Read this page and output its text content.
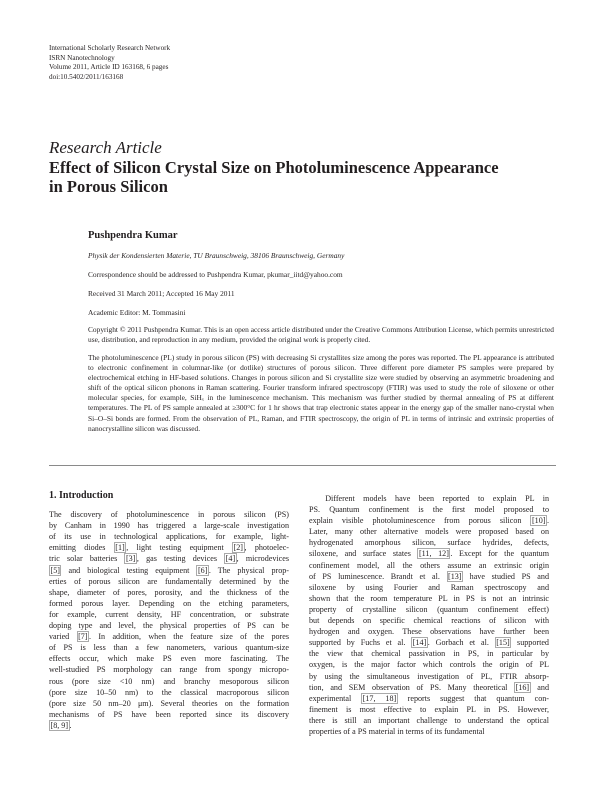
International Scholarly Research Network
ISRN Nanotechnology
Volume 2011, Article ID 163168, 6 pages
doi:10.5402/2011/163168
Research Article
Effect of Silicon Crystal Size on Photoluminescence Appearance
in Porous Silicon
Pushpendra Kumar
Physik der Kondensierten Materie, TU Braunschweig, 38106 Braunschweig, Germany
Correspondence should be addressed to Pushpendra Kumar, pkumar_iitd@yahoo.com
Received 31 March 2011; Accepted 16 May 2011
Academic Editor: M. Tommasini
Copyright © 2011 Pushpendra Kumar. This is an open access article distributed under the Creative Commons Attribution License, which permits unrestricted use, distribution, and reproduction in any medium, provided the original work is properly cited.
The photoluminescence (PL) study in porous silicon (PS) with decreasing Si crystallites size among the pores was reported. The PL appearance is attributed to electronic confinement in columnar-like (or dotlike) structures of porous silicon. Three different pore diameter PS samples were prepared by electrochemical etching in HF-based solutions. Changes in porous silicon and Si crystallite size were studied by observing an asymmetric broadening and shift of the optical silicon phonons in Raman scattering. Fourier transform infrared spectroscopy (FTIR) was used to study the role of siloxene or other molecular species, for example, SiHₓ in the luminescence mechanism. This mechanism was further studied by thermal annealing of PS at different temperatures. The PL of PS sample annealed at ≥300°C for 1 hr shows that trap electronic states appear in the energy gap of the smaller nano-crystal when Si–O–Si bonds are formed. From the observation of PL, Raman, and FTIR spectroscopy, the origin of PL in terms of intrinsic and extrinsic properties of nanocrystalline silicon was discussed.
1. Introduction
The discovery of photoluminescence in porous silicon (PS)
by Canham in 1990 has triggered a large-scale investigation
of its use in technological applications, for example, light-
emitting diodes [1] , light testing equipment [2] , photoelec-
tric solar batteries [3] , gas testing devices [4] , microdevices
[5] and biological testing equipment [6] . The physical prop-
erties of porous silicon are fundamentally determined by the
shape, diameter of pores, porosity, and the thickness of the
formed porous layer. Depending on the etching parameters,
for example, current density, HF concentration, or substrate
doping type and level, the physical properties of PS can be
varied [7] . In addition, when the feature size of the pores
of PS is less than a few nanometers, various quantum-size
effects occur, which make PS even more fascinating. The
well-studied PS morphology can range from spongy micropo-
rous (pore size <10 nm) and branchy mesoporous silicon
(pore size 10–50 nm) to the classical macroporous silicon
(pore size 50 nm–20 μm). Several theories on the formation
mechanisms of PS have been reported since its discovery
[8, 9] .
  Different models have been reported to explain PL in
PS. Quantum confinement is the first model proposed to
explain visible photoluminescence from porous silicon [10] .
Later, many other alternative models were proposed based on
hydrogenated amorphous silicon, surface hydrides, defects,
siloxene, and surface states [11, 12] . Except for the quantum
confinement model, all the others assume an extrinsic origin
of PS luminescence. Brandt et al. [13] have studied PS and
siloxene by using Fourier and Raman spectroscopy and
shown that the room temperature PL in PS is not an intrinsic
property of crystalline silicon (quantum confinement effect)
but depends on specific chemical reactions of silicon with
hydrogen and oxygen. These observations have further been
supported by Fuchs et al. [14] . Gorbach et al. [15] supported
the view that chemical passivation in PS, in particular by
oxygen, is the major factor which controls the origin of PL
by using the simultaneous investigation of PL, FTIR absorp-
tion, and SEM observation of PS. Many theoretical [16] and
experimental [17, 18] reports suggest that quantum con-
finement is most effective to explain PL in PS. However,
there is still an important challenge to understand the optical
properties of a PS material in terms of its fundamental
